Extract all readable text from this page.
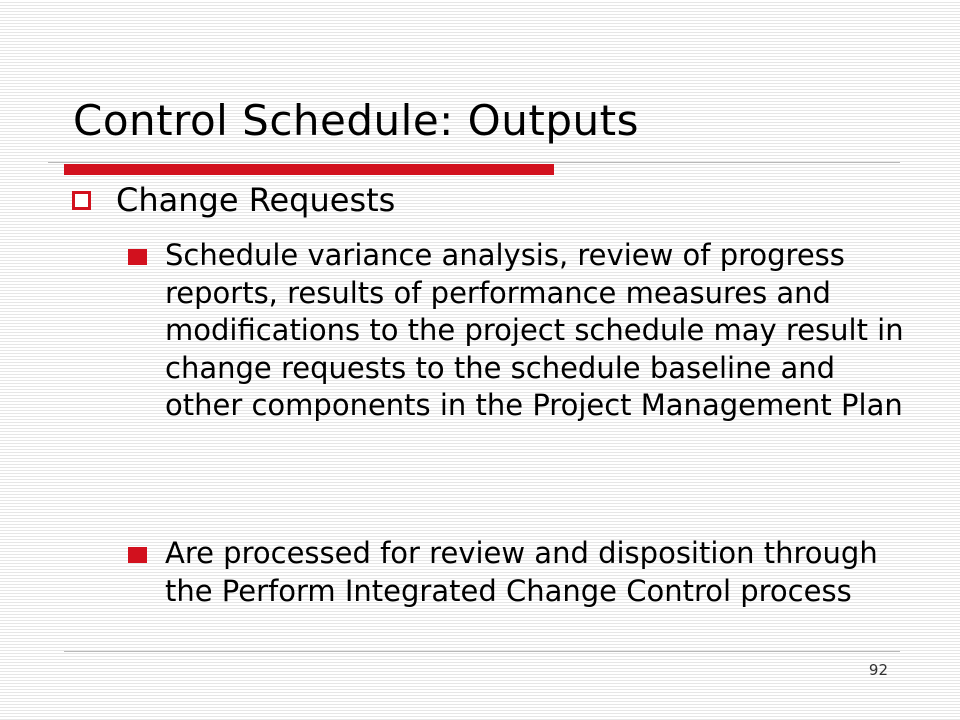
Control Schedule: Outputs
Change Requests
Schedule variance analysis, review of progress reports, results of performance measures and modifications to the project schedule may result in change requests to the schedule baseline and other components in the Project Management Plan
Are processed for review and disposition through the Perform Integrated Change Control process
92
